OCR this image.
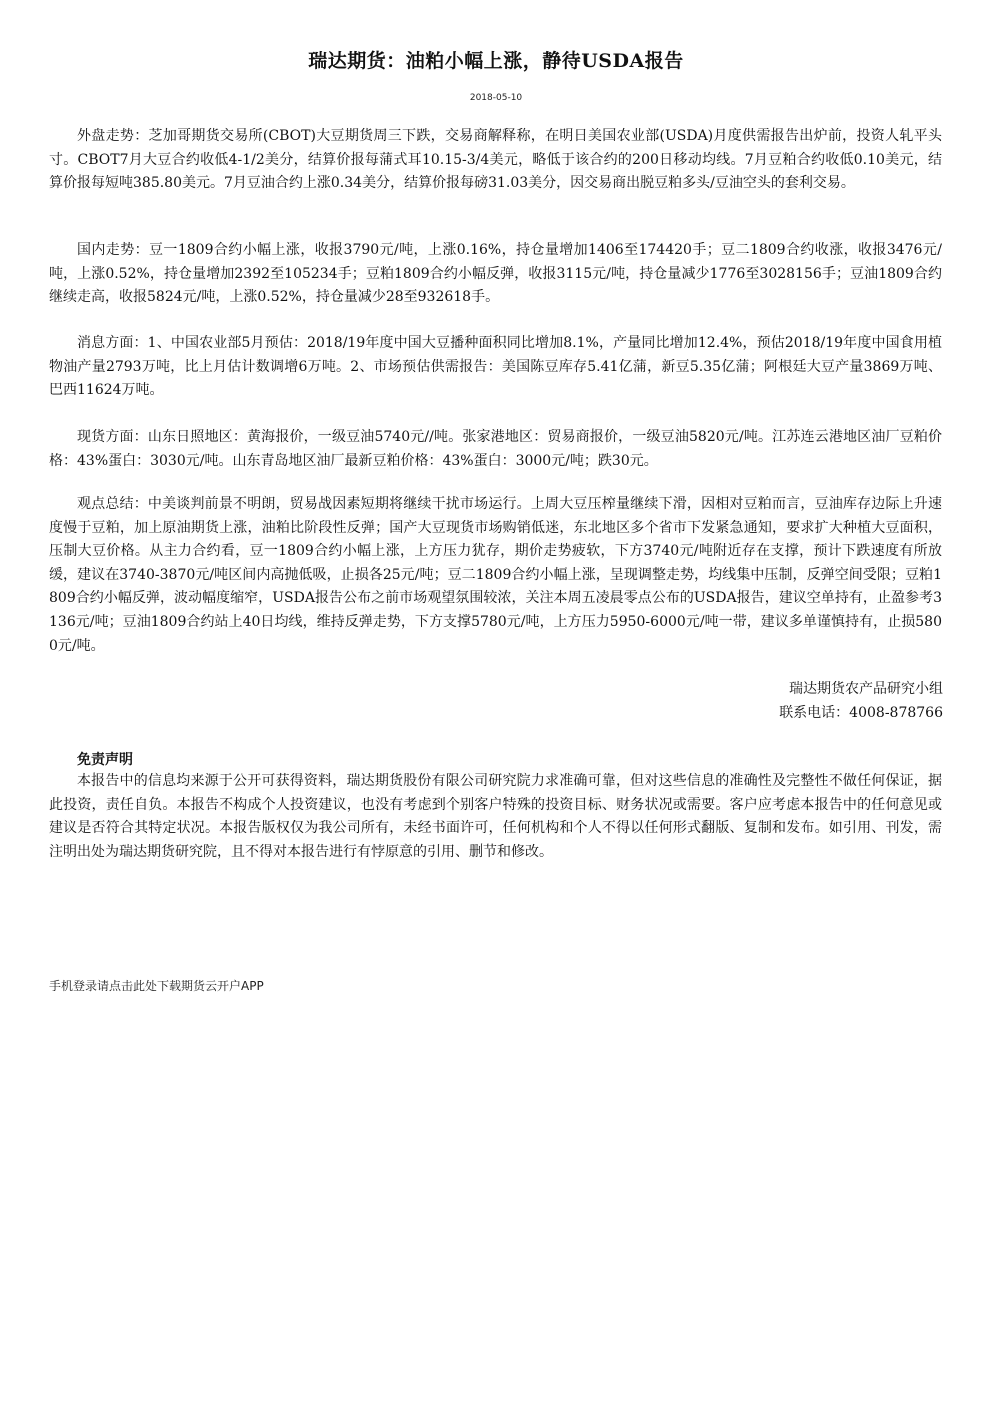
瑞达期货：油粕小幅上涨，静待USDA报告
2018-05-10
外盘走势：芝加哥期货交易所(CBOT)大豆期货周三下跌，交易商解释称，在明日美国农业部(USDA)月度供需报告出炉前，投资人轧平头寸。CBOT7月大豆合约收低4-1/2美分，结算价报每蒲式耳10.15-3/4美元，略低于该合约的200日移动均线。7月豆粕合约收低0.10美元，结算价报每短吨385.80美元。7月豆油合约上涨0.34美分，结算价报每磅31.03美分，因交易商出脱豆粕多头/豆油空头的套利交易。
国内走势：豆一1809合约小幅上涨，收报3790元/吨，上涨0.16%，持仓量增加1406至174420手；豆二1809合约收涨，收报3476元/吨，上涨0.52%，持仓量增加2392至105234手；豆粕1809合约小幅反弹，收报3115元/吨，持仓量减少1776至3028156手；豆油1809合约继续走高，收报5824元/吨，上涨0.52%，持仓量减少28至932618手。
消息方面：1、中国农业部5月预估：2018/19年度中国大豆播种面积同比增加8.1%，产量同比增加12.4%，预估2018/19年度中国食用植物油产量2793万吨，比上月估计数调增6万吨。2、市场预估供需报告：美国陈豆库存5.41亿蒲，新豆5.35亿蒲；阿根廷大豆产量3869万吨、巴西11624万吨。
现货方面：山东日照地区：黄海报价，一级豆油5740元//吨。张家港地区：贸易商报价，一级豆油5820元/吨。江苏连云港地区油厂豆粕价格：43%蛋白：3030元/吨。山东青岛地区油厂最新豆粕价格：43%蛋白：3000元/吨；跌30元。
观点总结：中美谈判前景不明朗，贸易战因素短期将继续干扰市场运行。上周大豆压榨量继续下滑，因相对豆粕而言，豆油库存边际上升速度慢于豆粕，加上原油期货上涨，油粕比阶段性反弹；国产大豆现货市场购销低迷，东北地区多个省市下发紧急通知，要求扩大种植大豆面积，压制大豆价格。从主力合约看，豆一1809合约小幅上涨，上方压力犹存，期价走势疲软，下方3740元/吨附近存在支撑，预计下跌速度有所放缓，建议在3740-3870元/吨区间内高抛低吸，止损各25元/吨；豆二1809合约小幅上涨，呈现调整走势，均线集中压制，反弹空间受限；豆粕1809合约小幅反弹，波动幅度缩窄，USDA报告公布之前市场观望氛围较浓，关注本周五凌晨零点公布的USDA报告，建议空单持有，止盈参考3136元/吨；豆油1809合约站上40日均线，维持反弹走势，下方支撑5780元/吨，上方压力5950-6000元/吨一带，建议多单谨慎持有，止损5800元/吨。
瑞达期货农产品研究小组
联系电话：4008-878766
免责声明
本报告中的信息均来源于公开可获得资料，瑞达期货股份有限公司研究院力求准确可靠，但对这些信息的准确性及完整性不做任何保证，据此投资，责任自负。本报告不构成个人投资建议，也没有考虑到个别客户特殊的投资目标、财务状况或需要。客户应考虑本报告中的任何意见或建议是否符合其特定状况。本报告版权仅为我公司所有，未经书面许可，任何机构和个人不得以任何形式翻版、复制和发布。如引用、刊发，需注明出处为瑞达期货研究院，且不得对本报告进行有悖原意的引用、删节和修改。
手机登录请点击此处下载期货云开户APP
